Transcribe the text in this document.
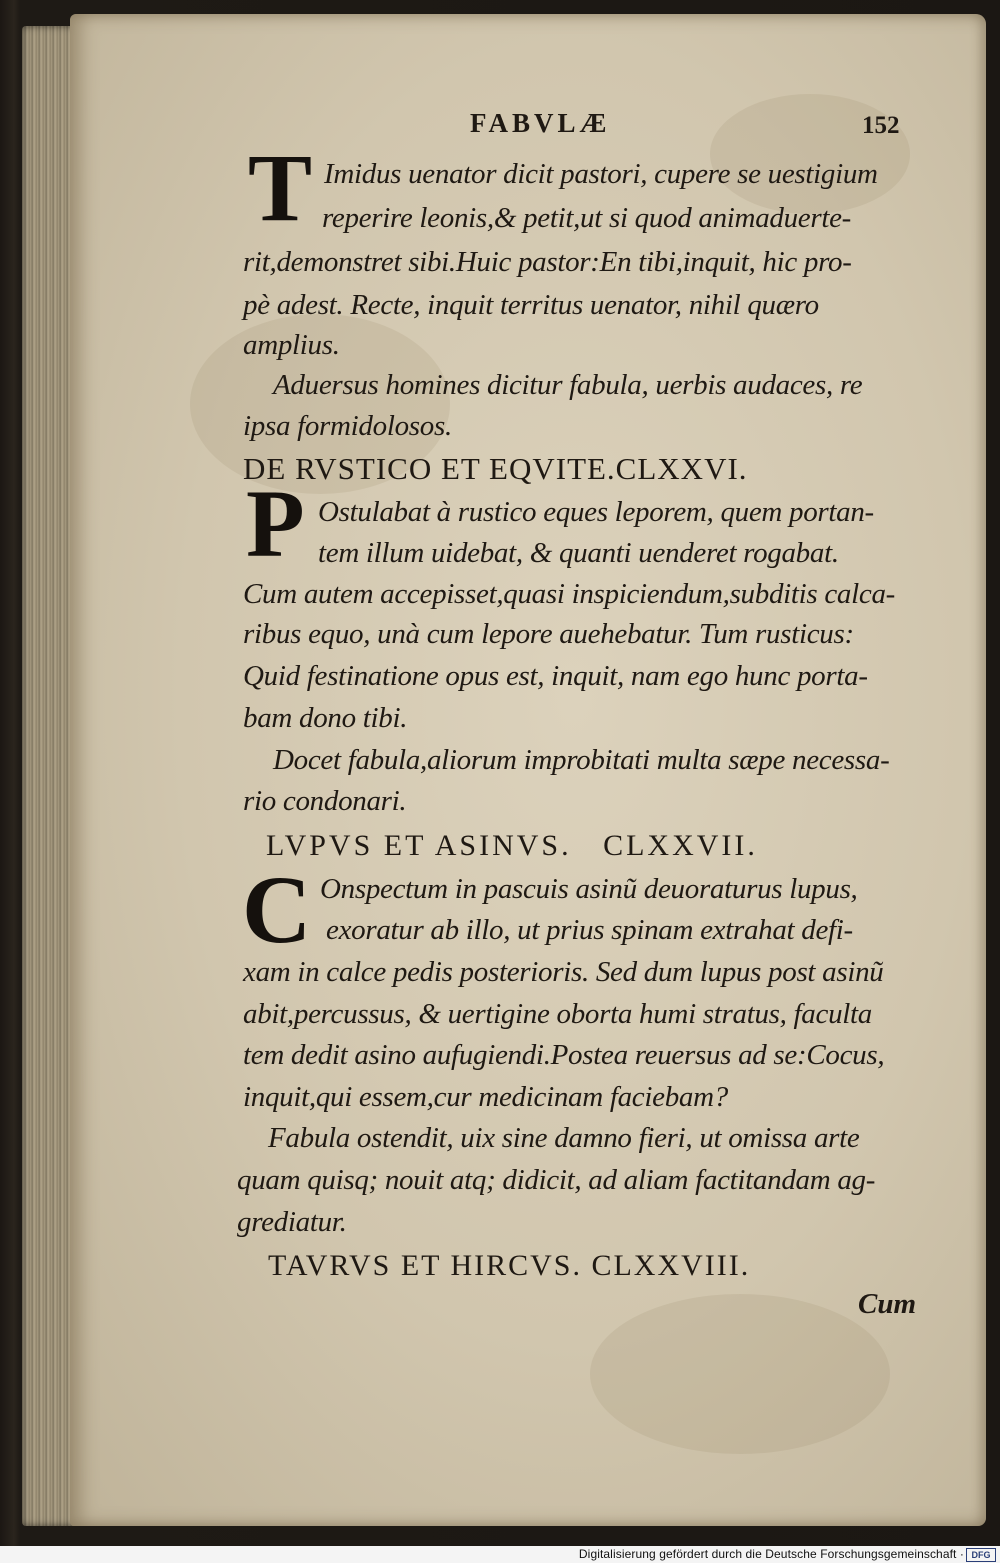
FABVLÆ	152
T Imidus uenator dicit pastori, cupere se uestigium
reperire leonis,& petit,ut si quod animaduerte-
rit,demonstret sibi.Huic pastor:En tibi,inquit, hic pro-
pè adest. Recte, inquit territus uenator, nihil quæro
amplius.
Aduersus homines dicitur fabula, uerbis audaces, re
ipsa formidolosos.
DE RVSTICO ET EQVITE.CLXXVI.
P Ostulabat à rustico eques leporem, quem portan-
tem illum uidebat, & quanti uenderet rogabat.
Cum autem accepisset,quasi inspiciendum,subditis calca-
ribus equo, unà cum lepore auehebatur. Tum rusticus:
Quid festinatione opus est, inquit, nam ego hunc porta-
bam dono tibi.
Docet fabula,aliorum improbitati multa sæpe necessa-
rio condonari.
LVPVS ET ASINVS.   CLXXVII.
C Onspectum in pascuis asinũ deuoraturus lupus,
exoratur ab illo, ut prius spinam extrahat defi-
xam in calce pedis posterioris. Sed dum lupus post asinũ
abit,percussus, & uertigine oborta humi stratus, faculta
tem dedit asino aufugiendi.Postea reuersus ad se:Cocus,
inquit,qui essem,cur medicinam faciebam?
Fabula ostendit, uix sine damno fieri, ut omissa arte
quam quisq; nouit atq; didicit, ad aliam factitandam ag-
grediatur.
TAVRVS ET HIRCVS. CLXXVIII.
Cum
Digitalisierung gefördert durch die Deutsche Forschungsgemeinschaft · DFG
